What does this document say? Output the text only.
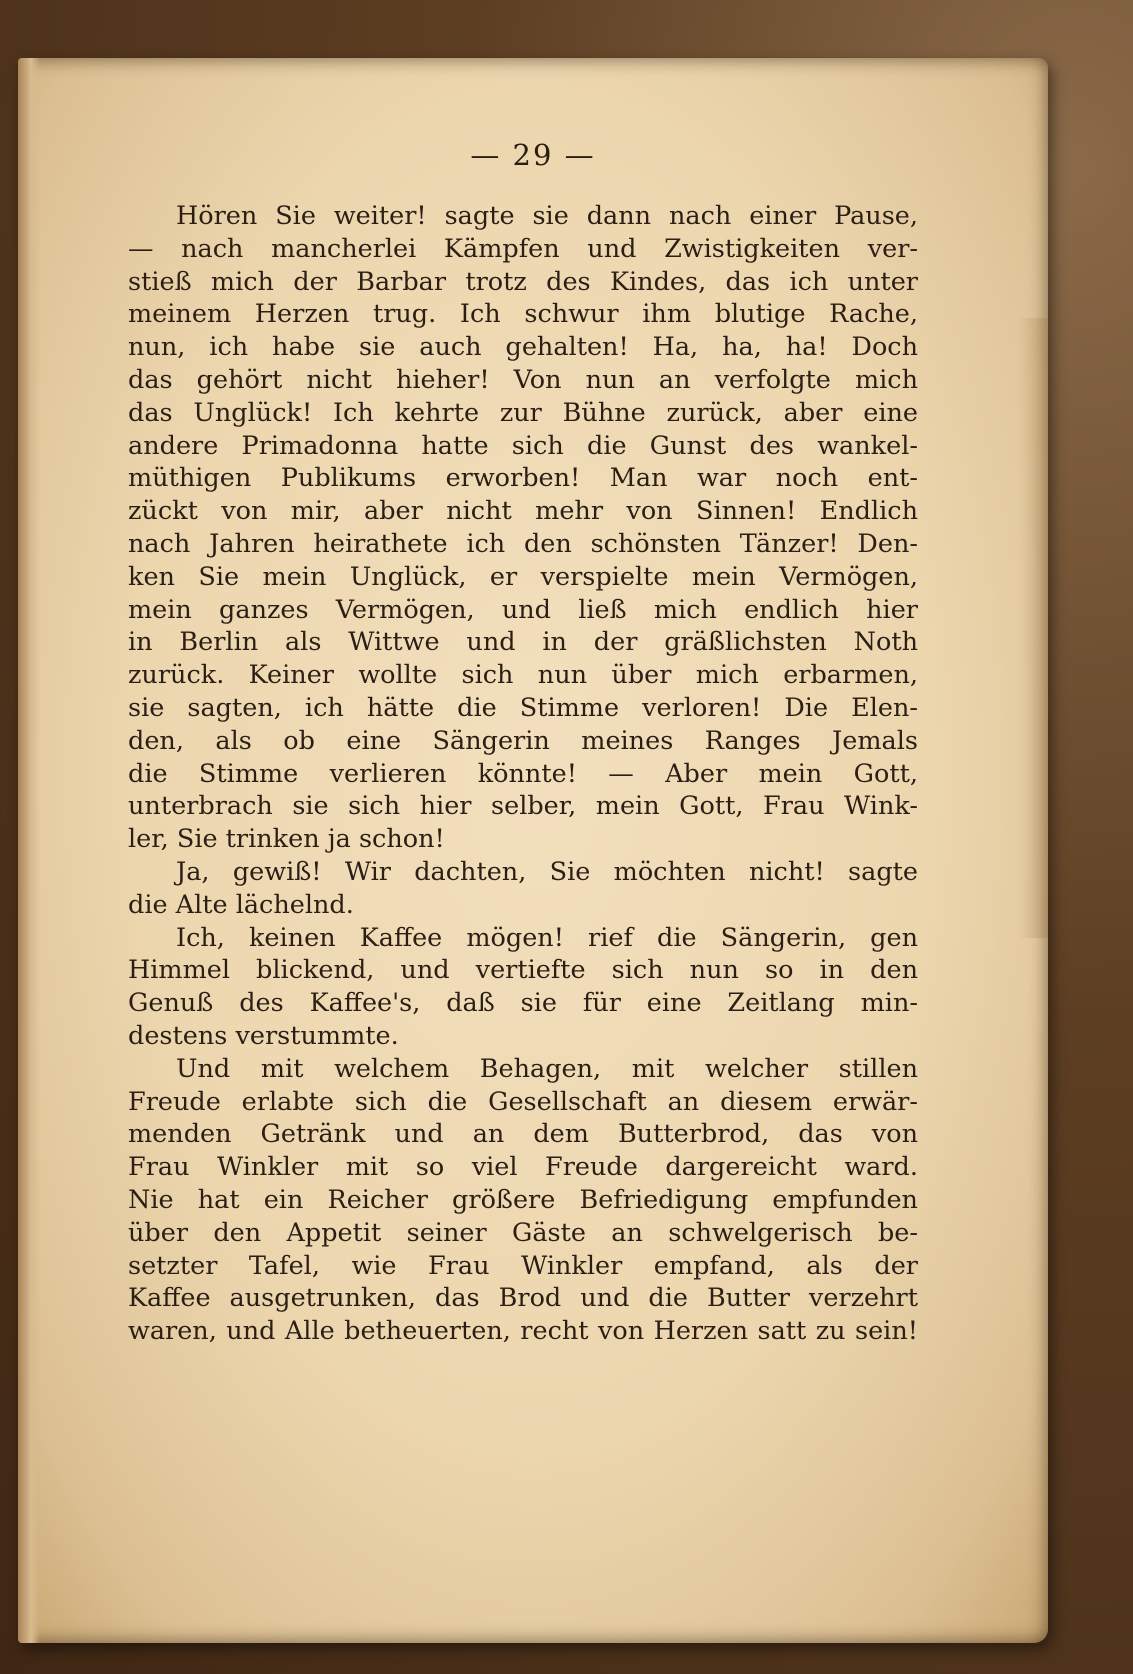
— 29 —
Hören Sie weiter! sagte sie dann nach einer Pause,
— nach mancherlei Kämpfen und Zwistigkeiten ver-
stieß mich der Barbar trotz des Kindes, das ich unter
meinem Herzen trug. Ich schwur ihm blutige Rache,
nun, ich habe sie auch gehalten! Ha, ha, ha! Doch
das gehört nicht hieher! Von nun an verfolgte mich
das Unglück! Ich kehrte zur Bühne zurück, aber eine
andere Primadonna hatte sich die Gunst des wankel-
müthigen Publikums erworben! Man war noch ent-
zückt von mir, aber nicht mehr von Sinnen! Endlich
nach Jahren heirathete ich den schönsten Tänzer! Den-
ken Sie mein Unglück, er verspielte mein Vermögen,
mein ganzes Vermögen, und ließ mich endlich hier
in Berlin als Wittwe und in der gräßlichsten Noth
zurück. Keiner wollte sich nun über mich erbarmen,
sie sagten, ich hätte die Stimme verloren! Die Elen-
den, als ob eine Sängerin meines Ranges Jemals
die Stimme verlieren könnte! — Aber mein Gott,
unterbrach sie sich hier selber, mein Gott, Frau Wink-
ler, Sie trinken ja schon!
Ja, gewiß! Wir dachten, Sie möchten nicht! sagte
die Alte lächelnd.
Ich, keinen Kaffee mögen! rief die Sängerin, gen
Himmel blickend, und vertiefte sich nun so in den
Genuß des Kaffee's, daß sie für eine Zeitlang min-
destens verstummte.
Und mit welchem Behagen, mit welcher stillen
Freude erlabte sich die Gesellschaft an diesem erwär-
menden Getränk und an dem Butterbrod, das von
Frau Winkler mit so viel Freude dargereicht ward.
Nie hat ein Reicher größere Befriedigung empfunden
über den Appetit seiner Gäste an schwelgerisch be-
setzter Tafel, wie Frau Winkler empfand, als der
Kaffee ausgetrunken, das Brod und die Butter verzehrt
waren, und Alle betheuerten, recht von Herzen satt zu sein!
